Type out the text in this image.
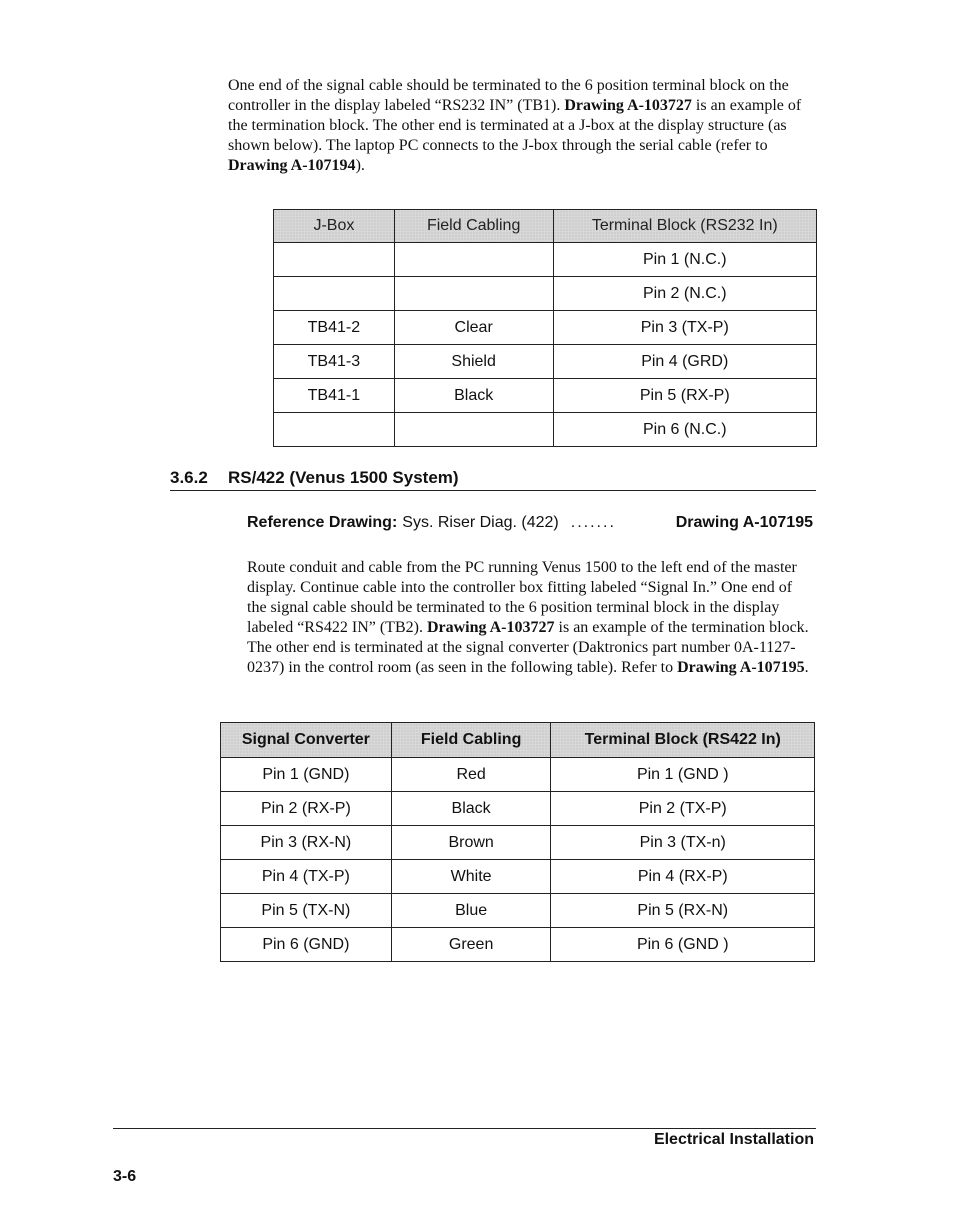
One end of the signal cable should be terminated to the 6 position terminal block on the controller in the display labeled “RS232 IN” (TB1). Drawing A-103727 is an example of the termination block. The other end is terminated at a J-box at the display structure (as shown below). The laptop PC connects to the J-box through the serial cable (refer to Drawing A-107194).

J-Box	Field Cabling	Terminal Block (RS232 In)
		Pin 1 (N.C.)
		Pin 2 (N.C.)
TB41-2	Clear	Pin 3 (TX-P)
TB41-3	Shield	Pin 4 (GRD)
TB41-1	Black	Pin 5 (RX-P)
		Pin 6 (N.C.)
3.6.2 RS/422 (Venus 1500 System)
Reference Drawing: Sys. Riser Diag. (422) .......	Drawing A-107195

Route conduit and cable from the PC running Venus 1500 to the left end of the master display. Continue cable into the controller box fitting labeled “Signal In.” One end of the signal cable should be terminated to the 6 position terminal block in the display labeled “RS422 IN” (TB2). Drawing A-103727 is an example of the termination block. The other end is terminated at the signal converter (Daktronics part number 0A-1127-0237) in the control room (as seen in the following table). Refer to Drawing A-107195.

Signal Converter	Field Cabling	Terminal Block (RS422 In)
Pin 1 (GND)	Red	Pin 1 (GND )
Pin 2 (RX-P)	Black	Pin 2 (TX-P)
Pin 3 (RX-N)	Brown	Pin 3 (TX-n)
Pin 4 (TX-P)	White	Pin 4 (RX-P)
Pin 5 (TX-N)	Blue	Pin 5 (RX-N)
Pin 6 (GND)	Green	Pin 6 (GND )
Electrical Installation
3-6
